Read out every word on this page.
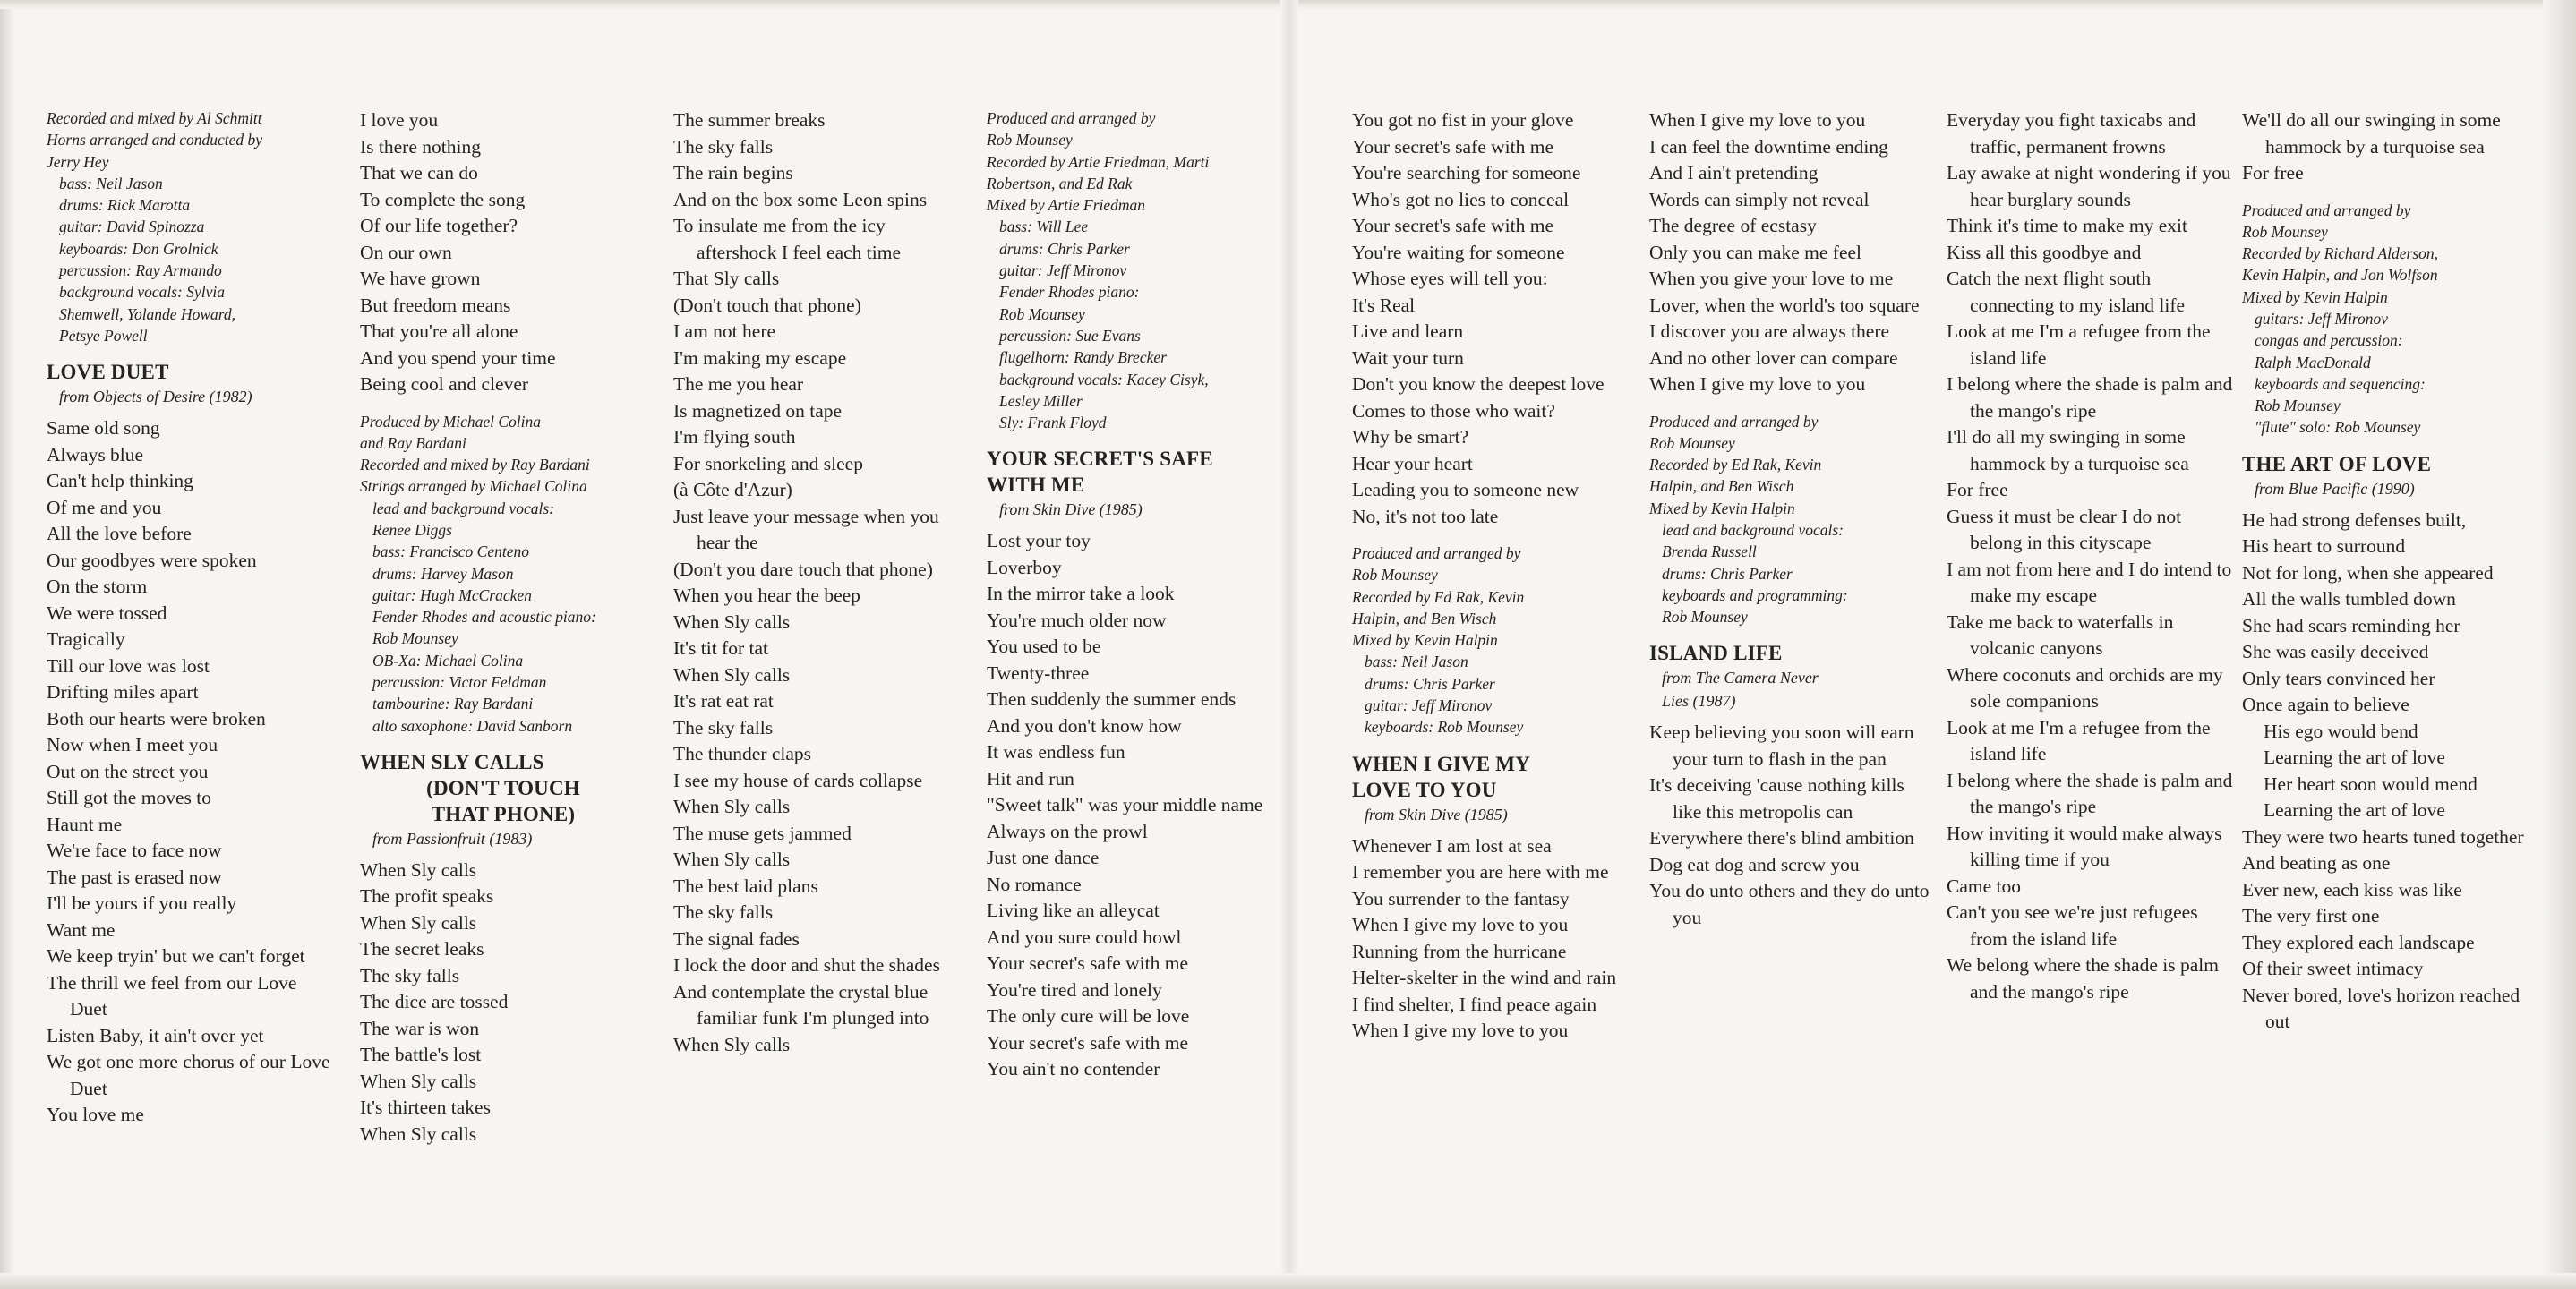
Recorded and mixed by Al Schmitt

Horns arranged and conducted by

Jerry Hey

bass: Neil Jason

drums: Rick Marotta

guitar: David Spinozza

keyboards: Don Grolnick

percussion: Ray Armando

background vocals: Sylvia

Shemwell, Yolande Howard,

Petsye Powell

LOVE DUET

from Objects of Desire (1982)

Same old song

Always blue

Can't help thinking

Of me and you

All the love before

Our goodbyes were spoken

On the storm

We were tossed

Tragically

Till our love was lost

Drifting miles apart

Both our hearts were broken

Now when I meet you

Out on the street you

Still got the moves to

Haunt me

We're face to face now

The past is erased now

I'll be yours if you really

Want me

We keep tryin' but we can't forget

The thrill we feel from our Love Duet

Listen Baby, it ain't over yet

We got one more chorus of our Love Duet

You love me

I love you

Is there nothing

That we can do

To complete the song

Of our life together?

On our own

We have grown

But freedom means

That you're all alone

And you spend your time

Being cool and clever

Produced by Michael Colina

and Ray Bardani

Recorded and mixed by Ray Bardani

Strings arranged by Michael Colina

lead and background vocals:

Renee Diggs

bass: Francisco Centeno

drums: Harvey Mason

guitar: Hugh McCracken

Fender Rhodes and acoustic piano:

Rob Mounsey

OB-Xa: Michael Colina

percussion: Victor Feldman

tambourine: Ray Bardani

alto saxophone: David Sanborn

WHEN SLY CALLS

(DON'T TOUCH

THAT PHONE)

from Passionfruit (1983)

When Sly calls

The profit speaks

When Sly calls

The secret leaks

The sky falls

The dice are tossed

The war is won

The battle's lost

When Sly calls

It's thirteen takes

When Sly calls

The summer breaks

The sky falls

The rain begins

And on the box some Leon spins

To insulate me from the icy aftershock I feel each time

That Sly calls

(Don't touch that phone)

I am not here

I'm making my escape

The me you hear

Is magnetized on tape

I'm flying south

For snorkeling and sleep

(à Côte d'Azur)

Just leave your message when you hear the

(Don't you dare touch that phone)

When you hear the beep

When Sly calls

It's tit for tat

When Sly calls

It's rat eat rat

The sky falls

The thunder claps

I see my house of cards collapse

When Sly calls

The muse gets jammed

When Sly calls

The best laid plans

The sky falls

The signal fades

I lock the door and shut the shades

And contemplate the crystal blue familiar funk I'm plunged into

When Sly calls

Produced and arranged by

Rob Mounsey

Recorded by Artie Friedman, Marti

Robertson, and Ed Rak

Mixed by Artie Friedman

bass: Will Lee

drums: Chris Parker

guitar: Jeff Mironov

Fender Rhodes piano:

Rob Mounsey

percussion: Sue Evans

flugelhorn: Randy Brecker

background vocals: Kacey Cisyk,

Lesley Miller

Sly: Frank Floyd

YOUR SECRET'S SAFE

WITH ME

from Skin Dive (1985)

Lost your toy

Loverboy

In the mirror take a look

You're much older now

You used to be

Twenty-three

Then suddenly the summer ends

And you don't know how

It was endless fun

Hit and run

"Sweet talk" was your middle name

Always on the prowl

Just one dance

No romance

Living like an alleycat

And you sure could howl

Your secret's safe with me

You're tired and lonely

The only cure will be love

Your secret's safe with me

You ain't no contender

You got no fist in your glove

Your secret's safe with me

You're searching for someone

Who's got no lies to conceal

Your secret's safe with me

You're waiting for someone

Whose eyes will tell you:

It's Real

Live and learn

Wait your turn

Don't you know the deepest love

Comes to those who wait?

Why be smart?

Hear your heart

Leading you to someone new

No, it's not too late

Produced and arranged by

Rob Mounsey

Recorded by Ed Rak, Kevin

Halpin, and Ben Wisch

Mixed by Kevin Halpin

bass: Neil Jason

drums: Chris Parker

guitar: Jeff Mironov

keyboards: Rob Mounsey

WHEN I GIVE MY

LOVE TO YOU

from Skin Dive (1985)

Whenever I am lost at sea

I remember you are here with me

You surrender to the fantasy

When I give my love to you

Running from the hurricane

Helter-skelter in the wind and rain

I find shelter, I find peace again

When I give my love to you

When I give my love to you

I can feel the downtime ending

And I ain't pretending

Words can simply not reveal

The degree of ecstasy

Only you can make me feel

When you give your love to me

Lover, when the world's too square

I discover you are always there

And no other lover can compare

When I give my love to you

Produced and arranged by

Rob Mounsey

Recorded by Ed Rak, Kevin

Halpin, and Ben Wisch

Mixed by Kevin Halpin

lead and background vocals:

Brenda Russell

drums: Chris Parker

keyboards and programming:

Rob Mounsey

ISLAND LIFE

from The Camera Never

Lies (1987)

Keep believing you soon will earn your turn to flash in the pan

It's deceiving 'cause nothing kills like this metropolis can

Everywhere there's blind ambition

Dog eat dog and screw you

You do unto others and they do unto you

Everyday you fight taxicabs and traffic, permanent frowns

Lay awake at night wondering if you hear burglary sounds

Think it's time to make my exit

Kiss all this goodbye and

Catch the next flight south connecting to my island life

Look at me I'm a refugee from the island life

I belong where the shade is palm and the mango's ripe

I'll do all my swinging in some hammock by a turquoise sea

For free

Guess it must be clear I do not belong in this cityscape

I am not from here and I do intend to make my escape

Take me back to waterfalls in volcanic canyons

Where coconuts and orchids are my sole companions

Look at me I'm a refugee from the island life

I belong where the shade is palm and the mango's ripe

How inviting it would make always killing time if you

Came too

Can't you see we're just refugees from the island life

We belong where the shade is palm and the mango's ripe

We'll do all our swinging in some hammock by a turquoise sea

For free

Produced and arranged by

Rob Mounsey

Recorded by Richard Alderson,

Kevin Halpin, and Jon Wolfson

Mixed by Kevin Halpin

guitars: Jeff Mironov

congas and percussion:

Ralph MacDonald

keyboards and sequencing:

Rob Mounsey

"flute" solo: Rob Mounsey

THE ART OF LOVE

from Blue Pacific (1990)

He had strong defenses built,

His heart to surround

Not for long, when she appeared

All the walls tumbled down

She had scars reminding her

She was easily deceived

Only tears convinced her

Once again to believe

His ego would bend

Learning the art of love

Her heart soon would mend

Learning the art of love

They were two hearts tuned together

And beating as one

Ever new, each kiss was like

The very first one

They explored each landscape

Of their sweet intimacy

Never bored, love's horizon reached out
